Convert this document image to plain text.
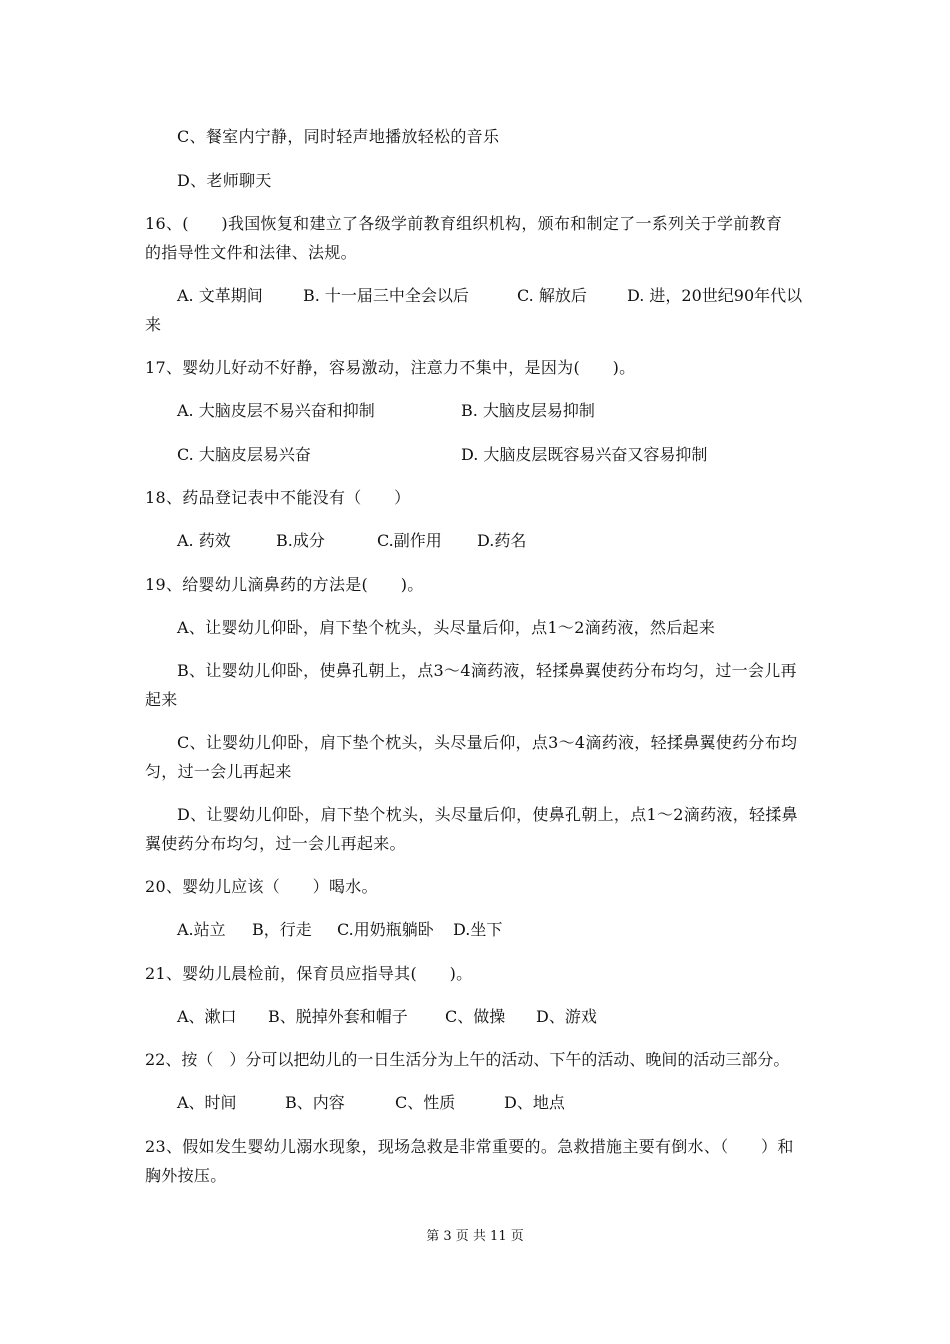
C、餐室内宁静，同时轻声地播放轻松的音乐
D、老师聊天
16、(　　)我国恢复和建立了各级学前教育组织机构，颁布和制定了一系列关于学前教育
的指导性文件和法律、法规。
A. 文革期间	B. 十一届三中全会以后	C. 解放后	D. 进，20世纪90年代以
来
17、婴幼儿好动不好静，容易激动，注意力不集中，是因为(　　)。
A. 大脑皮层不易兴奋和抑制	B. 大脑皮层易抑制
C. 大脑皮层易兴奋	D. 大脑皮层既容易兴奋又容易抑制
18、药品登记表中不能没有（　　）
A. 药效	B.成分	C.副作用 D.药名
19、给婴幼儿滴鼻药的方法是(　　)。
A、让婴幼儿仰卧，肩下垫个枕头，头尽量后仰，点1～2滴药液，然后起来
B、让婴幼儿仰卧，使鼻孔朝上，点3～4滴药液，轻揉鼻翼使药分布均匀，过一会儿再
起来
C、让婴幼儿仰卧，肩下垫个枕头，头尽量后仰，点3～4滴药液，轻揉鼻翼使药分布均
匀，过一会儿再起来
D、让婴幼儿仰卧，肩下垫个枕头，头尽量后仰，使鼻孔朝上，点1～2滴药液，轻揉鼻
翼使药分布均匀，过一会儿再起来。
20、婴幼儿应该（　　）喝水。
A.站立 B，行走 C.用奶瓶躺卧 D.坐下
21、婴幼儿晨检前，保育员应指导其(　　)。
A、漱口 B、脱掉外套和帽子 C、做操 D、游戏
22、按（　）分可以把幼儿的一日生活分为上午的活动、下午的活动、晚间的活动三部分。
A、时间	B、内容	C、性质	D、地点
23、假如发生婴幼儿溺水现象，现场急救是非常重要的。急救措施主要有倒水、（　　）和
胸外按压。
第 3 页 共 11 页
